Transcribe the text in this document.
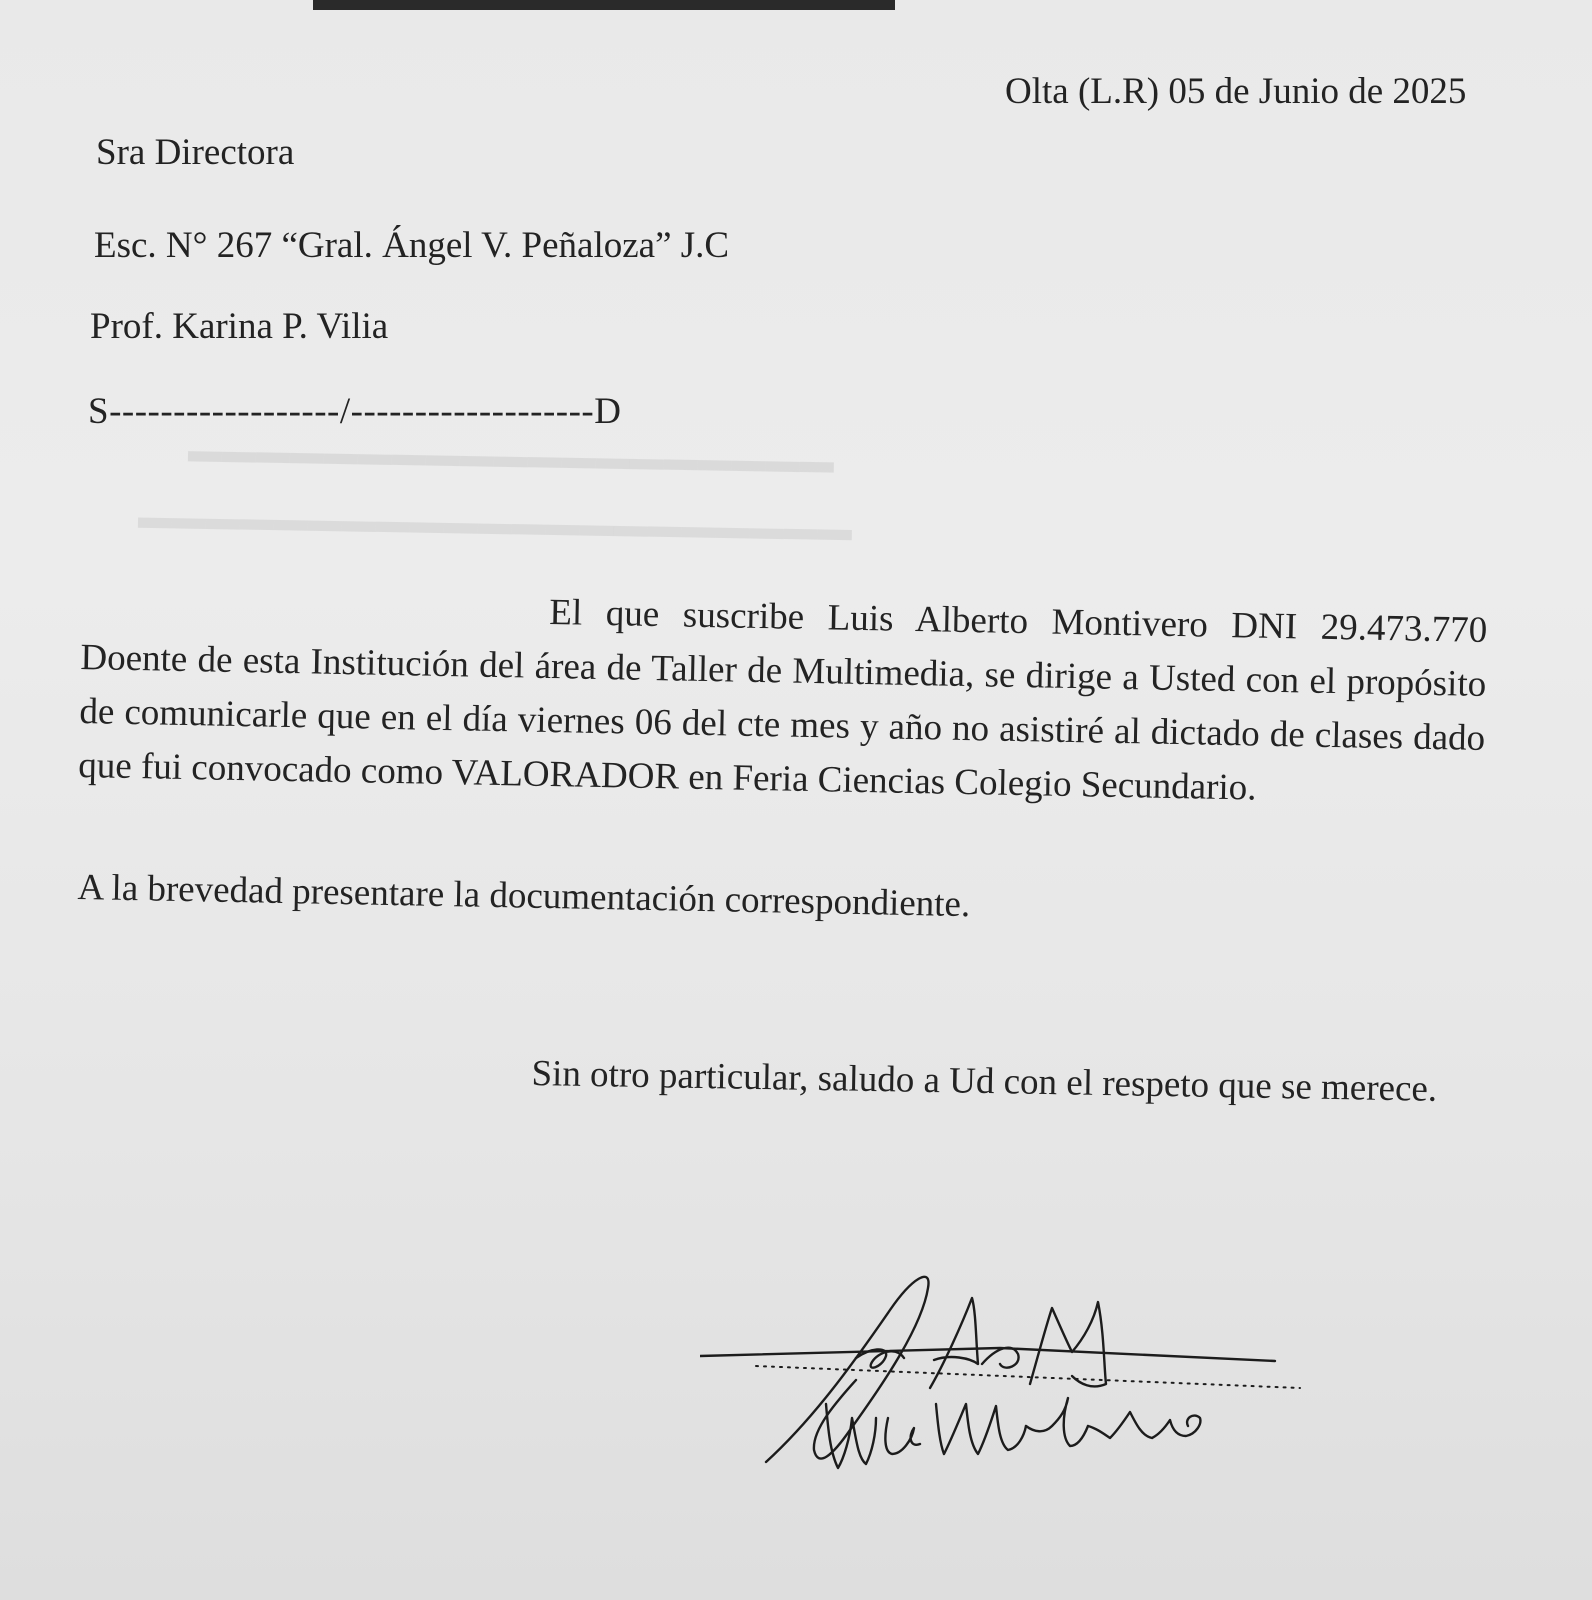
▬▬▬▬▬▬▬▬▬▬▬▬▬▬▬▬▬▬▬
▬▬▬▬▬▬▬▬▬▬▬▬▬▬▬▬▬▬▬▬▬
Olta (L.R) 05 de Junio de 2025
Sra Directora
Esc. N° 267 “Gral. Ángel V. Peñaloza” J.C
Prof. Karina P. Vilia
S------------------/-------------------D
El que suscribe Luis Alberto Montivero DNI 29.473.770 Doente de esta Institución del área de Taller de Multimedia, se dirige a Usted con el propósito de comunicarle que en el día viernes 06 del cte mes y año no asistiré al dictado de clases dado que fui convocado como VALORADOR en Feria Ciencias Colegio Secundario.
A la brevedad presentare la documentación correspondiente.
Sin otro particular, saludo a Ud con el respeto que se merece.
